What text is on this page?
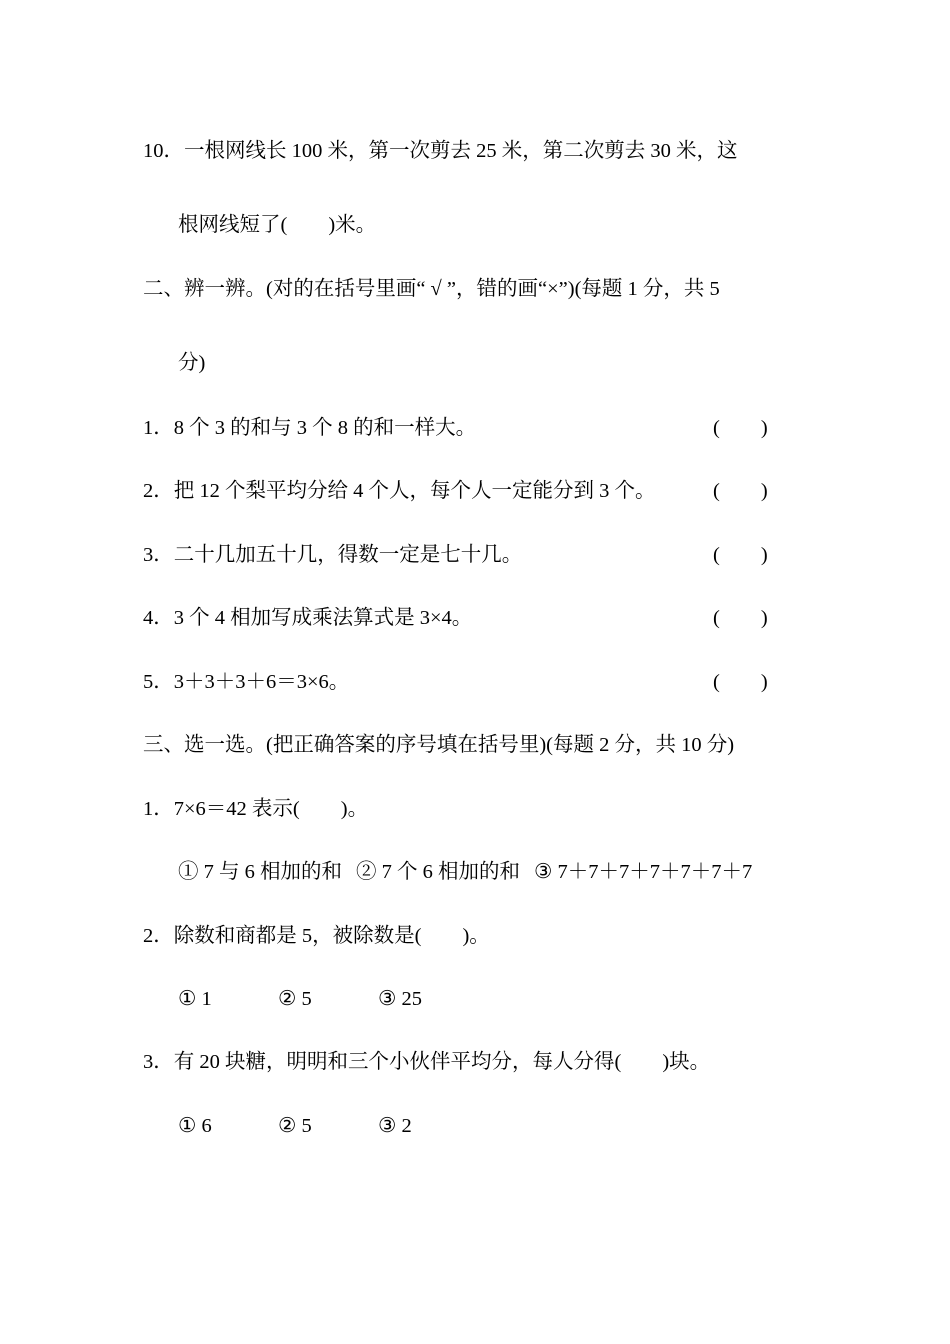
10．一根网线长 100 米，第一次剪去 25 米，第二次剪去 30 米，这
根网线短了(　　)米。
二、辨一辨。(对的在括号里画“ √ ”，错的画“×”)(每题 1 分，共 5
分)
1．8 个 3 的和与 3 个 8 的和一样大。	(　　)
2．把 12 个梨平均分给 4 个人，每个人一定能分到 3 个。	(　　)
3．二十几加五十几，得数一定是七十几。	(　　)
4．3 个 4 相加写成乘法算式是 3×4。	(　　)
5．3＋3＋3＋6＝3×6。	(　　)
三、选一选。(把正确答案的序号填在括号里)(每题 2 分，共 10 分)
1．7×6＝42 表示(　　)。
① 7 与 6 相加的和 ② 7 个 6 相加的和 ③ 7＋7＋7＋7＋7＋7＋7
2．除数和商都是 5，被除数是(　　)。
① 1	② 5	③ 25
3．有 20 块糖，明明和三个小伙伴平均分，每人分得(　　)块。
① 6	② 5	③ 2
